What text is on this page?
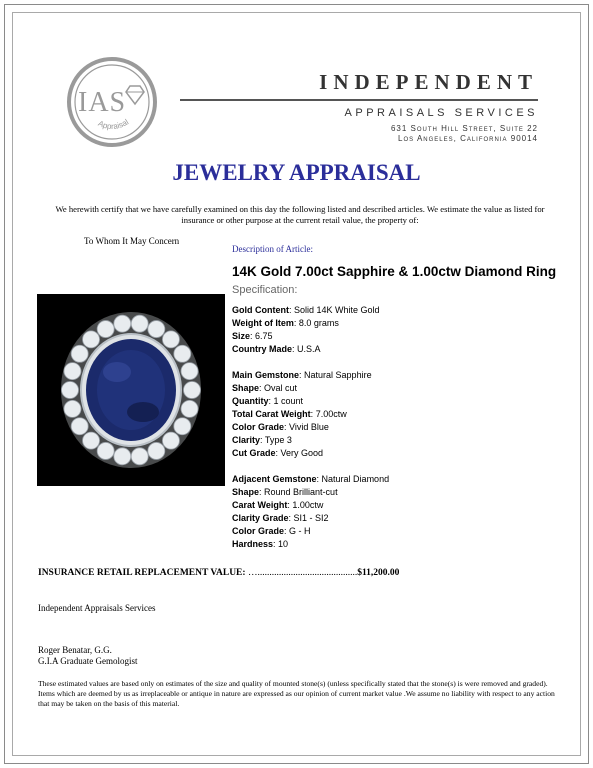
IAS
Appraisal
INDEPENDENT
APPRAISALS SERVICES
631 South Hill Street, Suite 22
Los Angeles, California 90014
JEWELRY APPRAISAL
We herewith certify that we have carefully examined on this day the following listed and described articles. We estimate the value as listed for insurance or other purpose at the current retail value, the property of:
To Whom It May Concern
Description of Article:
14K Gold 7.00ct Sapphire & 1.00ctw Diamond Ring
Specification:
Gold Content: Solid 14K White Gold
Weight of Item: 8.0 grams
Size: 6.75
Country Made: U.S.A
Main Gemstone: Natural Sapphire
Shape: Oval cut
Quantity: 1 count
Total Carat Weight: 7.00ctw
Color Grade: Vivid Blue
Clarity: Type 3
Cut Grade: Very Good
Adjacent Gemstone: Natural Diamond
Shape: Round Brilliant-cut
Carat Weight: 1.00ctw
Clarity Grade: SI1 - SI2
Color Grade: G - H
Hardness: 10
INSURANCE RETAIL REPLACEMENT VALUE: …..........................................$11,200.00
Independent Appraisals Services
Roger Benatar, G.G.
G.I.A Graduate Gemologist
These estimated values are based only on estimates of the size and quality of mounted stone(s) (unless specifically stated that the stone(s) is were removed and graded). Items which are deemed by us as irreplaceable or antique in nature are expressed as our opinion of current market value .We assume no liability with respect to any action that may be taken on the basis of this material.
